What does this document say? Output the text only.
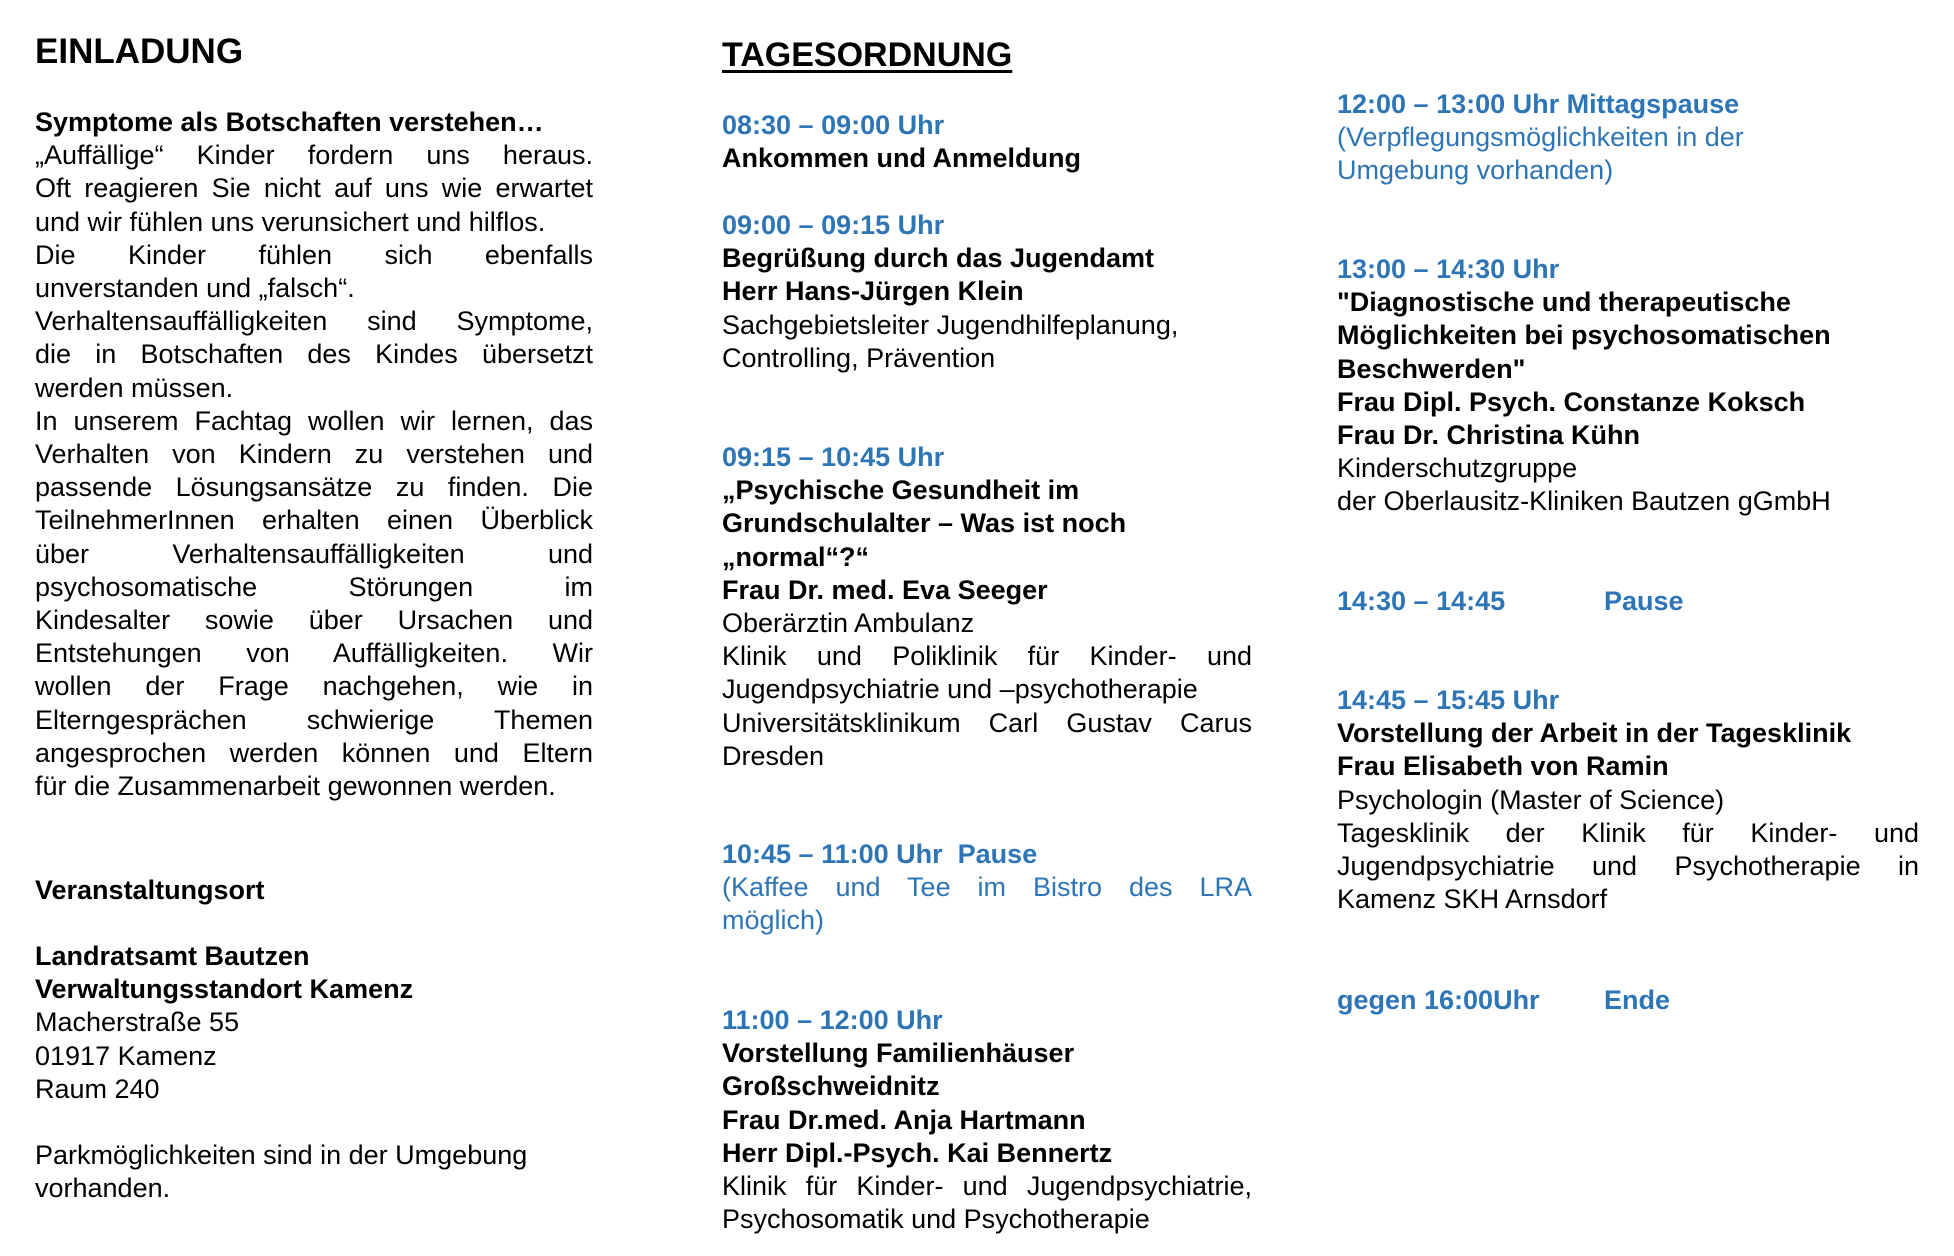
EINLADUNG
Symptome als Botschaften verstehen…
„Auffällige“ Kinder fordern uns heraus.
Oft reagieren Sie nicht auf uns wie erwartet
und wir fühlen uns verunsichert und hilflos.
Die Kinder fühlen sich ebenfalls
unverstanden und „falsch“.
Verhaltensauffälligkeiten sind Symptome,
die in Botschaften des Kindes übersetzt
werden müssen.
In unserem Fachtag wollen wir lernen, das
Verhalten von Kindern zu verstehen und
passende Lösungsansätze zu finden. Die
TeilnehmerInnen erhalten einen Überblick
über Verhaltensauffälligkeiten und
psychosomatische Störungen im
Kindesalter sowie über Ursachen und
Entstehungen von Auffälligkeiten. Wir
wollen der Frage nachgehen, wie in
Elterngesprächen schwierige Themen
angesprochen werden können und Eltern
für die Zusammenarbeit gewonnen werden.
Veranstaltungsort
Landratsamt Bautzen
Verwaltungsstandort Kamenz
Macherstraße 55
01917 Kamenz
Raum 240
Parkmöglichkeiten sind in der Umgebung
vorhanden.
TAGESORDNUNG
08:30 – 09:00 Uhr
Ankommen und Anmeldung
09:00 – 09:15 Uhr
Begrüßung durch das Jugendamt
Herr Hans-Jürgen Klein
Sachgebietsleiter Jugendhilfeplanung,
Controlling, Prävention
09:15 – 10:45 Uhr
„Psychische Gesundheit im
Grundschulalter – Was ist noch
„normal“?“
Frau Dr. med. Eva Seeger
Oberärztin Ambulanz
Klinik und Poliklinik für Kinder- und
Jugendpsychiatrie und –psychotherapie
Universitätsklinikum Carl Gustav Carus
Dresden
10:45 – 11:00 Uhr Pause
(Kaffee und Tee im Bistro des LRA
möglich)
11:00 – 12:00 Uhr
Vorstellung Familienhäuser
Großschweidnitz
Frau Dr.med. Anja Hartmann
Herr Dipl.-Psych. Kai Bennertz
Klinik für Kinder- und Jugendpsychiatrie,
Psychosomatik und Psychotherapie
12:00 – 13:00 Uhr Mittagspause
(Verpflegungsmöglichkeiten in der
Umgebung vorhanden)
13:00 – 14:30 Uhr
"Diagnostische und therapeutische
Möglichkeiten bei psychosomatischen
Beschwerden"
Frau Dipl. Psych. Constanze Koksch
Frau Dr. Christina Kühn
Kinderschutzgruppe
der Oberlausitz-Kliniken Bautzen gGmbH
14:30 – 14:45	Pause
14:45 – 15:45 Uhr
Vorstellung der Arbeit in der Tagesklinik
Frau Elisabeth von Ramin
Psychologin (Master of Science)
Tagesklinik der Klinik für Kinder- und
Jugendpsychiatrie und Psychotherapie in
Kamenz SKH Arnsdorf
gegen 16:00Uhr Ende
